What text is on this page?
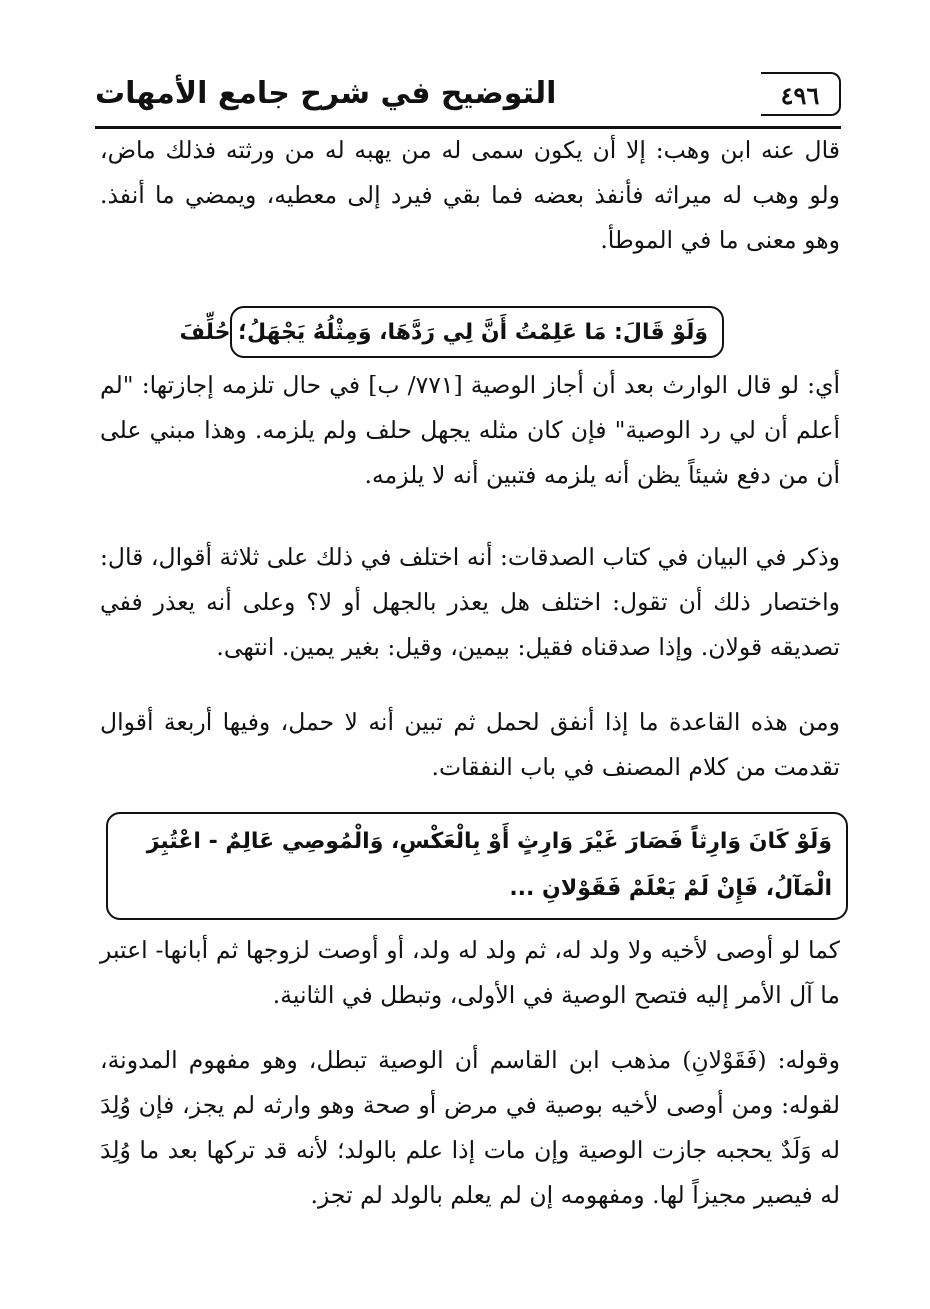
٤٩٦
التوضيح في شرح جامع الأمهات

قال عنه ابن وهب: إلا أن يكون سمى له من يهبه له من ورثته فذلك ماض، ولو وهب له ميراثه فأنفذ بعضه فما بقي فيرد إلى معطيه، ويمضي ما أنفذ. وهو معنى ما في الموطأ.

وَلَوْ قَالَ: مَا عَلِمْتُ أَنَّ لِي رَدَّهَا، وَمِثْلُهُ يَجْهَلُ؛ حُلِّفَ

أي: لو قال الوارث بعد أن أجاز الوصية [٧٧١/ ب] في حال تلزمه إجازتها: "لم أعلم أن لي رد الوصية" فإن كان مثله يجهل حلف ولم يلزمه. وهذا مبني على أن من دفع شيئاً يظن أنه يلزمه فتبين أنه لا يلزمه.

وذكر في البيان في كتاب الصدقات: أنه اختلف في ذلك على ثلاثة أقوال، قال: واختصار ذلك أن تقول: اختلف هل يعذر بالجهل أو لا؟ وعلى أنه يعذر ففي تصديقه قولان. وإذا صدقناه فقيل: بيمين، وقيل: بغير يمين. انتهى.

ومن هذه القاعدة ما إذا أنفق لحمل ثم تبين أنه لا حمل، وفيها أربعة أقوال تقدمت من كلام المصنف في باب النفقات.

وَلَوْ كَانَ وَارِثاً فَصَارَ غَيْرَ وَارِثٍ أَوْ بِالْعَكْسِ، وَالْمُوصِي عَالِمٌ - اعْتُبِرَ الْمَآلُ، فَإِنْ لَمْ يَعْلَمْ فَقَوْلانِ ...

كما لو أوصى لأخيه ولا ولد له، ثم ولد له ولد، أو أوصت لزوجها ثم أبانها- اعتبر ما آل الأمر إليه فتصح الوصية في الأولى، وتبطل في الثانية.

وقوله: (فَقَوْلانِ) مذهب ابن القاسم أن الوصية تبطل، وهو مفهوم المدونة، لقوله: ومن أوصى لأخيه بوصية في مرض أو صحة وهو وارثه لم يجز، فإن وُلِدَ له وَلَدٌ يحجبه جازت الوصية وإن مات إذا علم بالولد؛ لأنه قد تركها بعد ما وُلِدَ له فيصير مجيزاً لها. ومفهومه إن لم يعلم بالولد لم تجز.
